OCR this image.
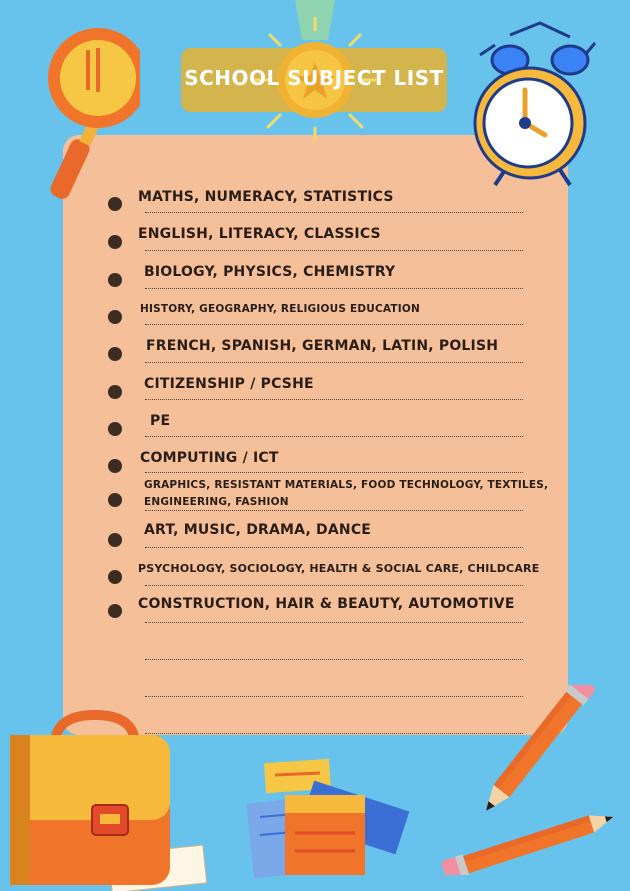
SCHOOL SUBJECT LIST
MATHS, NUMERACY, STATISTICS
ENGLISH, LITERACY, CLASSICS
BIOLOGY, PHYSICS, CHEMISTRY
HISTORY, GEOGRAPHY, RELIGIOUS EDUCATION
FRENCH, SPANISH, GERMAN, LATIN, POLISH
CITIZENSHIP / PCSHE
PE
COMPUTING / ICT
GRAPHICS, RESISTANT MATERIALS, FOOD TECHNOLOGY, TEXTILES, ENGINEERING, FASHION
ART, MUSIC, DRAMA, DANCE
PSYCHOLOGY, SOCIOLOGY, HEALTH & SOCIAL CARE, CHILDCARE
CONSTRUCTION, HAIR & BEAUTY, AUTOMOTIVE
